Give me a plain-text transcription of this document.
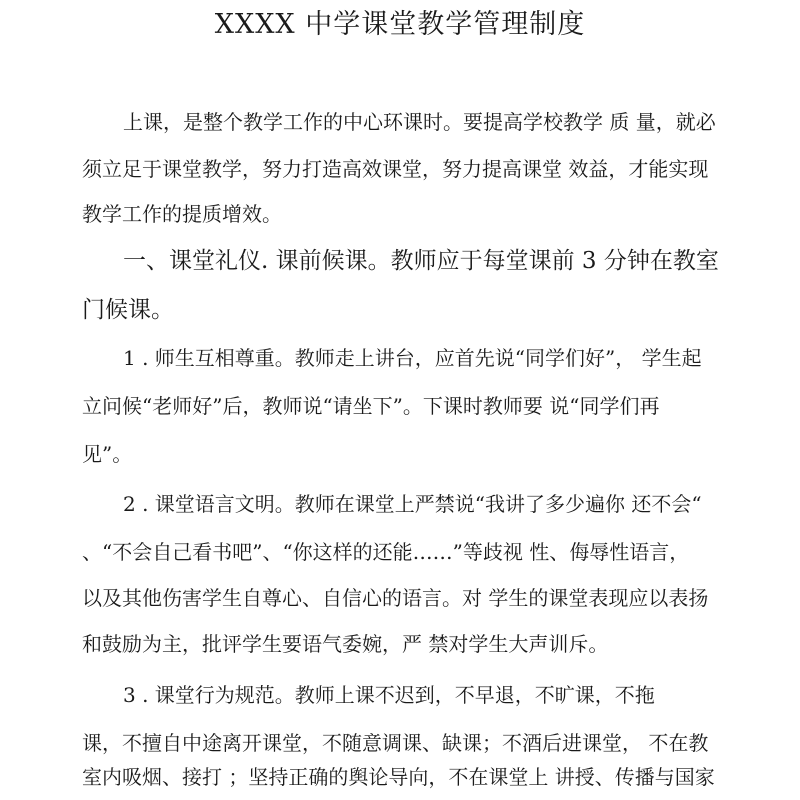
XXXX 中学课堂教学管理制度
上课，是整个教学工作的中心环课时。要提高学校教学 质 量，就必
须立足于课堂教学，努力打造高效课堂，努力提高课堂 效益，才能实现
教学工作的提质增效。
一、课堂礼仪. 课前候课。教师应于每堂课前 3 分钟在教室
门候课。
1 . 师生互相尊重。教师走上讲台，应首先说“同学们好”， 学生起
立问候“老师好”后，教师说“请坐下”。下课时教师要 说“同学们再
见”。
2 . 课堂语言文明。教师在课堂上严禁说“我讲了多少遍你 还不会“
、“不会自己看书吧”、“你这样的还能……”等歧视 性、侮辱性语言，
以及其他伤害学生自尊心、自信心的语言。对 学生的课堂表现应以表扬
和鼓励为主，批评学生要语气委婉，严 禁对学生大声训斥。
3 . 课堂行为规范。教师上课不迟到，不早退，不旷课，不拖
课，不擅自中途离开课堂，不随意调课、缺课；不酒后进课堂， 不在教
室内吸烟、接打 ；坚持正确的舆论导向，不在课堂上 讲授、传播与国家
